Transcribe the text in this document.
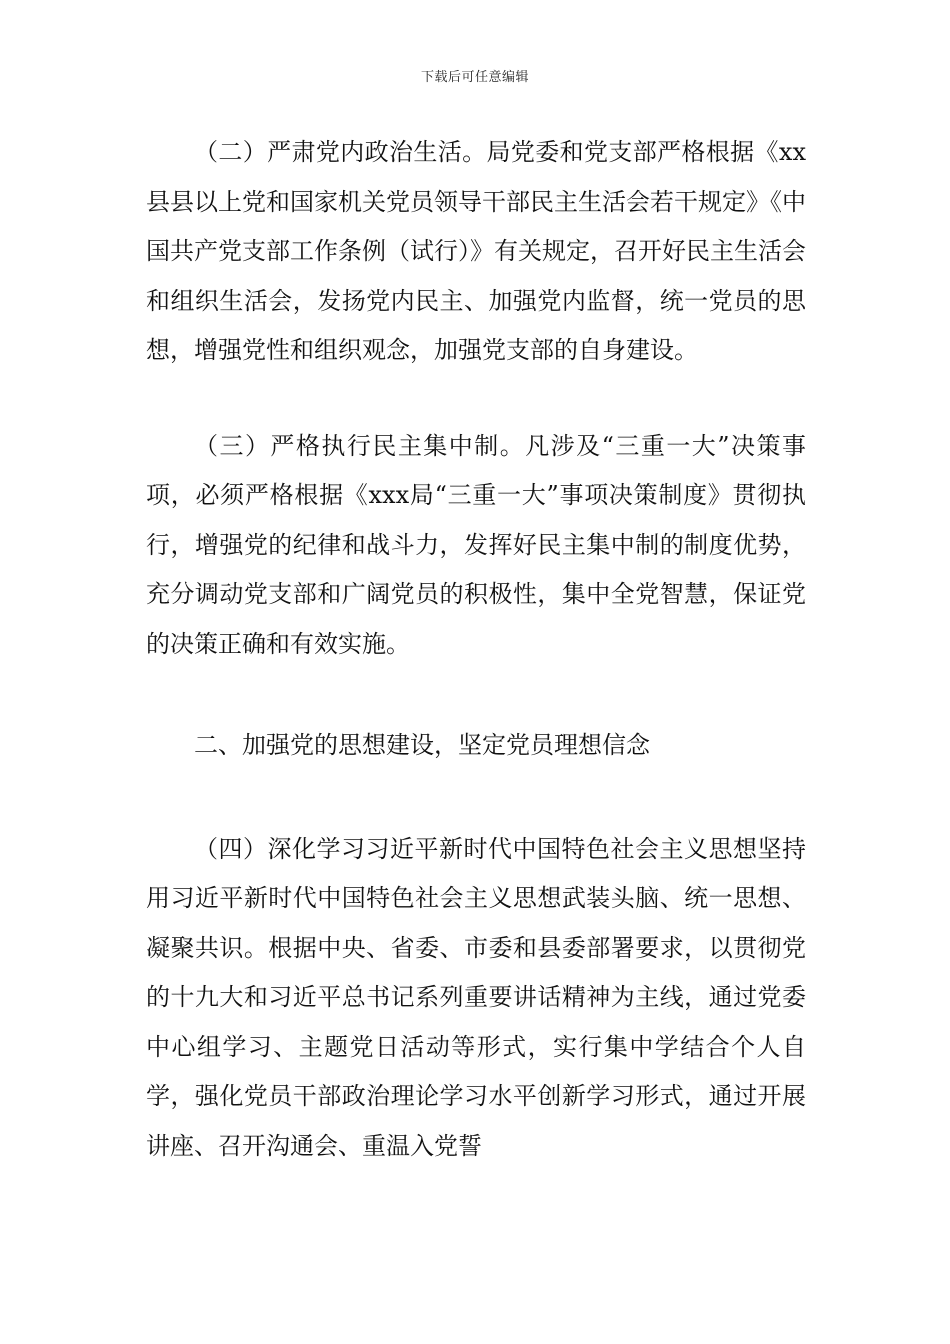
下载后可任意编辑

（二）严肃党内政治生活。局党委和党支部严格根据《xx县县以上党和国家机关党员领导干部民主生活会若干规定》《中国共产党支部工作条例（试行）》有关规定，召开好民主生活会和组织生活会，发扬党内民主、加强党内监督，统一党员的思想，增强党性和组织观念，加强党支部的自身建设。

（三）严格执行民主集中制。凡涉及“三重一大”决策事项，必须严格根据《xxx局“三重一大”事项决策制度》贯彻执行，增强党的纪律和战斗力，发挥好民主集中制的制度优势，充分调动党支部和广阔党员的积极性，集中全党智慧，保证党的决策正确和有效实施。

二、加强党的思想建设，坚定党员理想信念

（四）深化学习习近平新时代中国特色社会主义思想坚持用习近平新时代中国特色社会主义思想武装头脑、统一思想、凝聚共识。根据中央、省委、市委和县委部署要求，以贯彻党的十九大和习近平总书记系列重要讲话精神为主线，通过党委中心组学习、主题党日活动等形式，实行集中学结合个人自学，强化党员干部政治理论学习水平创新学习形式，通过开展讲座、召开沟通会、重温入党誓
